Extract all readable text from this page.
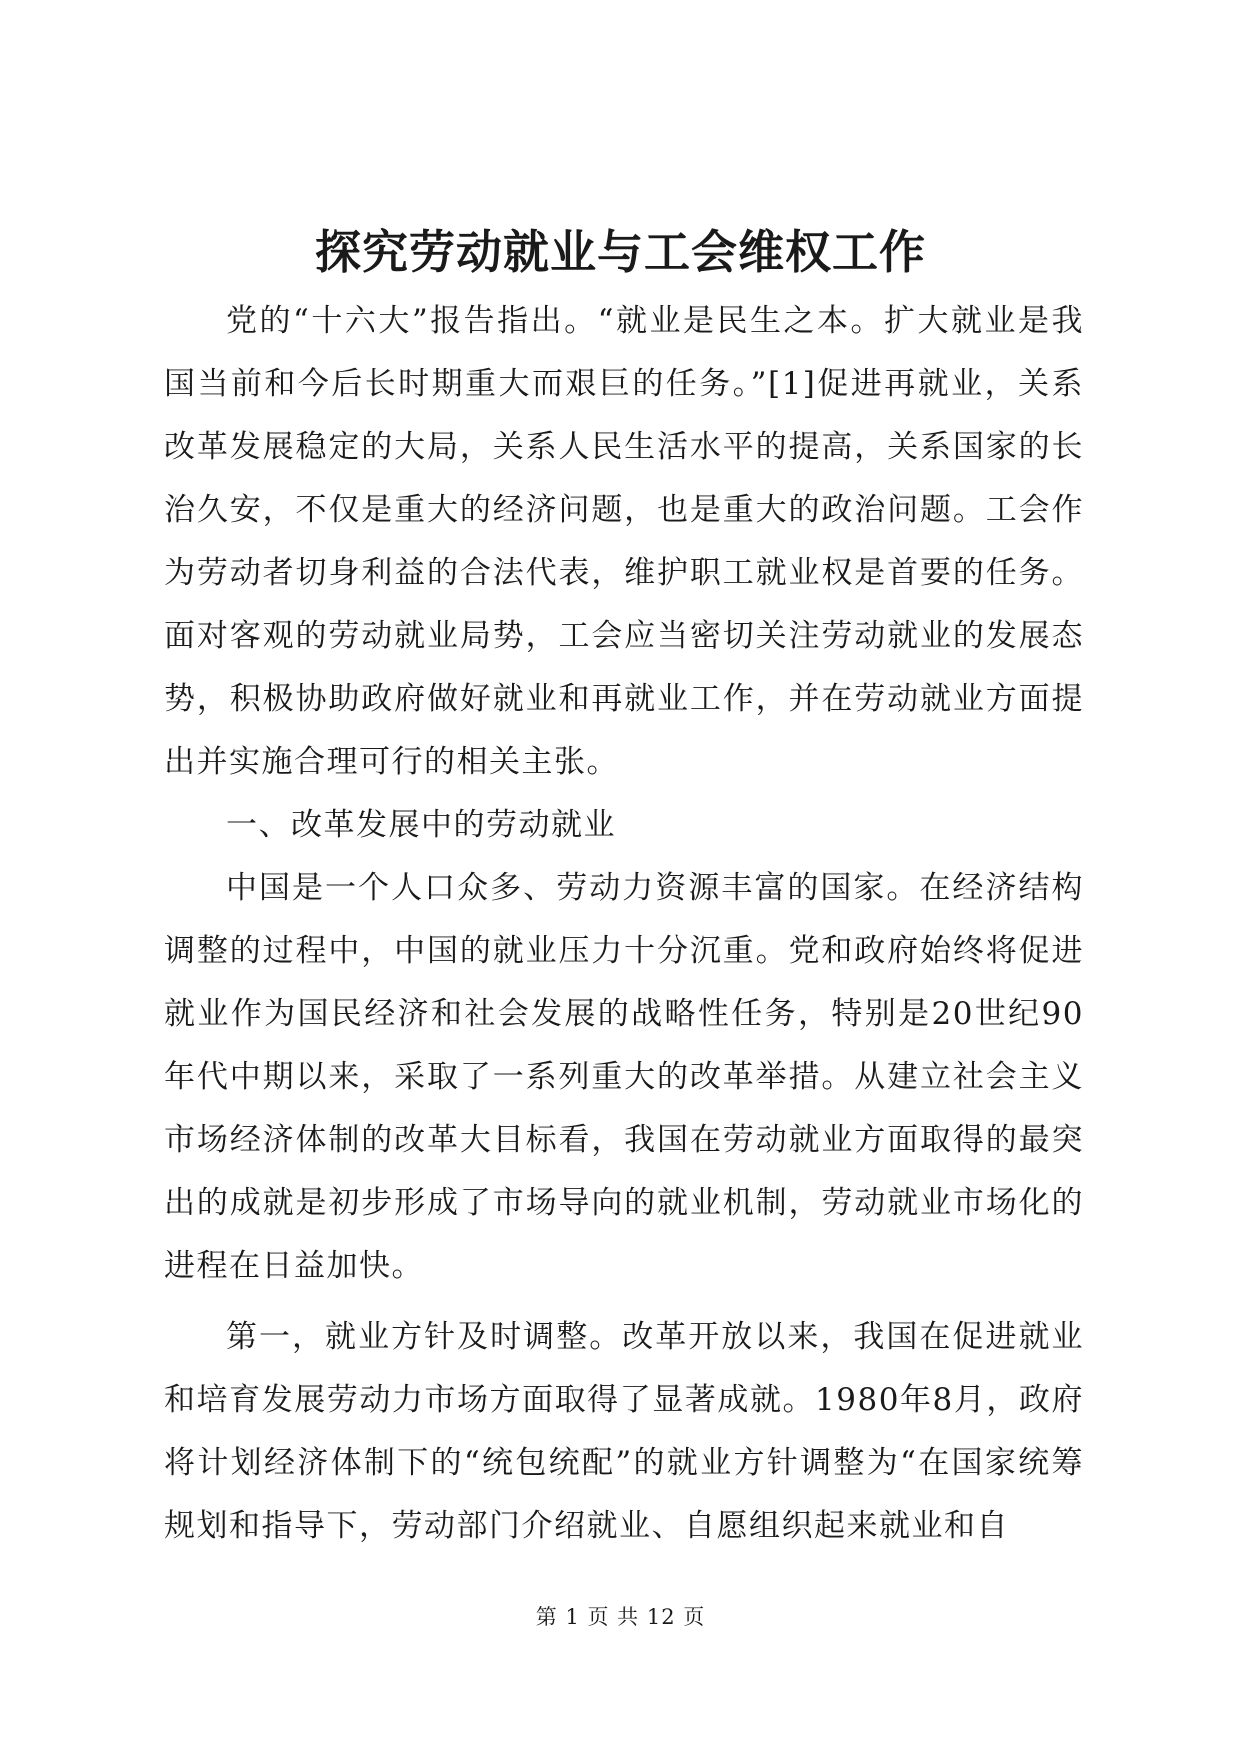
探究劳动就业与工会维权工作

党的“十六大”报告指出。“就业是民生之本。扩大就业是我国当前和今后长时期重大而艰巨的任务。”[1]促进再就业，关系改革发展稳定的大局，关系人民生活水平的提高，关系国家的长治久安，不仅是重大的经济问题，也是重大的政治问题。工会作为劳动者切身利益的合法代表，维护职工就业权是首要的任务。面对客观的劳动就业局势，工会应当密切关注劳动就业的发展态势，积极协助政府做好就业和再就业工作，并在劳动就业方面提出并实施合理可行的相关主张。

一、改革发展中的劳动就业

中国是一个人口众多、劳动力资源丰富的国家。在经济结构调整的过程中，中国的就业压力十分沉重。党和政府始终将促进就业作为国民经济和社会发展的战略性任务，特别是20世纪90年代中期以来，采取了一系列重大的改革举措。从建立社会主义市场经济体制的改革大目标看，我国在劳动就业方面取得的最突出的成就是初步形成了市场导向的就业机制，劳动就业市场化的进程在日益加快。

第一，就业方针及时调整。改革开放以来，我国在促进就业和培育发展劳动力市场方面取得了显著成就。1980年8月，政府将计划经济体制下的“统包统配”的就业方针调整为“在国家统筹规划和指导下，劳动部门介绍就业、自愿组织起来就业和自

第 1 页 共 12 页
